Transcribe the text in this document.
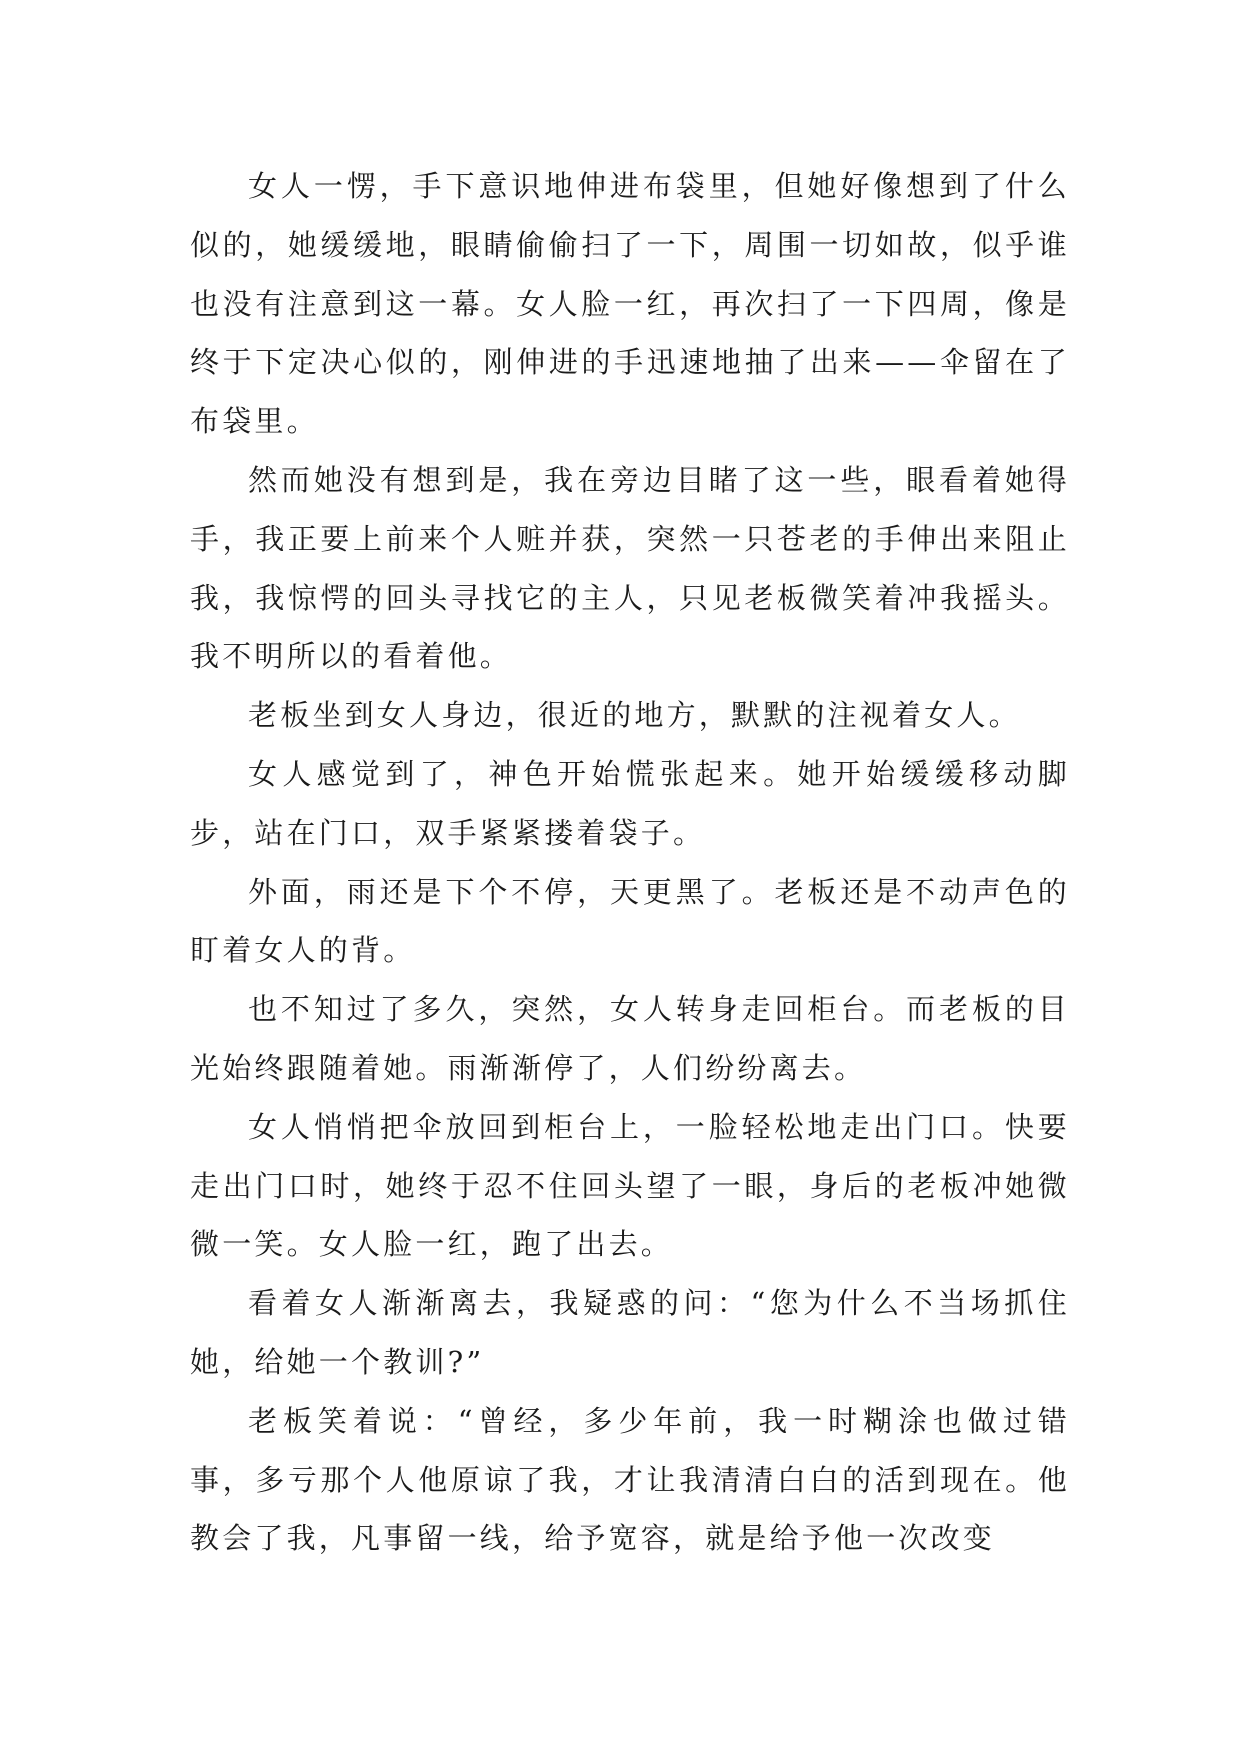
女人一愣，手下意识地伸进布袋里，但她好像想到了什么似的，她缓缓地，眼睛偷偷扫了一下，周围一切如故，似乎谁也没有注意到这一幕。女人脸一红，再次扫了一下四周，像是终于下定决心似的，刚伸进的手迅速地抽了出来——伞留在了布袋里。

然而她没有想到是，我在旁边目睹了这一些，眼看着她得手，我正要上前来个人赃并获，突然一只苍老的手伸出来阻止我，我惊愕的回头寻找它的主人，只见老板微笑着冲我摇头。我不明所以的看着他。

老板坐到女人身边，很近的地方，默默的注视着女人。

女人感觉到了，神色开始慌张起来。她开始缓缓移动脚步，站在门口，双手紧紧搂着袋子。

外面，雨还是下个不停，天更黑了。老板还是不动声色的盯着女人的背。

也不知过了多久，突然，女人转身走回柜台。而老板的目光始终跟随着她。雨渐渐停了，人们纷纷离去。

女人悄悄把伞放回到柜台上，一脸轻松地走出门口。快要走出门口时，她终于忍不住回头望了一眼，身后的老板冲她微微一笑。女人脸一红，跑了出去。

看着女人渐渐离去，我疑惑的问：“您为什么不当场抓住她，给她一个教训?”

老板笑着说：“曾经，多少年前，我一时糊涂也做过错事，多亏那个人他原谅了我，才让我清清白白的活到现在。他教会了我，凡事留一线，给予宽容，就是给予他一次改变
